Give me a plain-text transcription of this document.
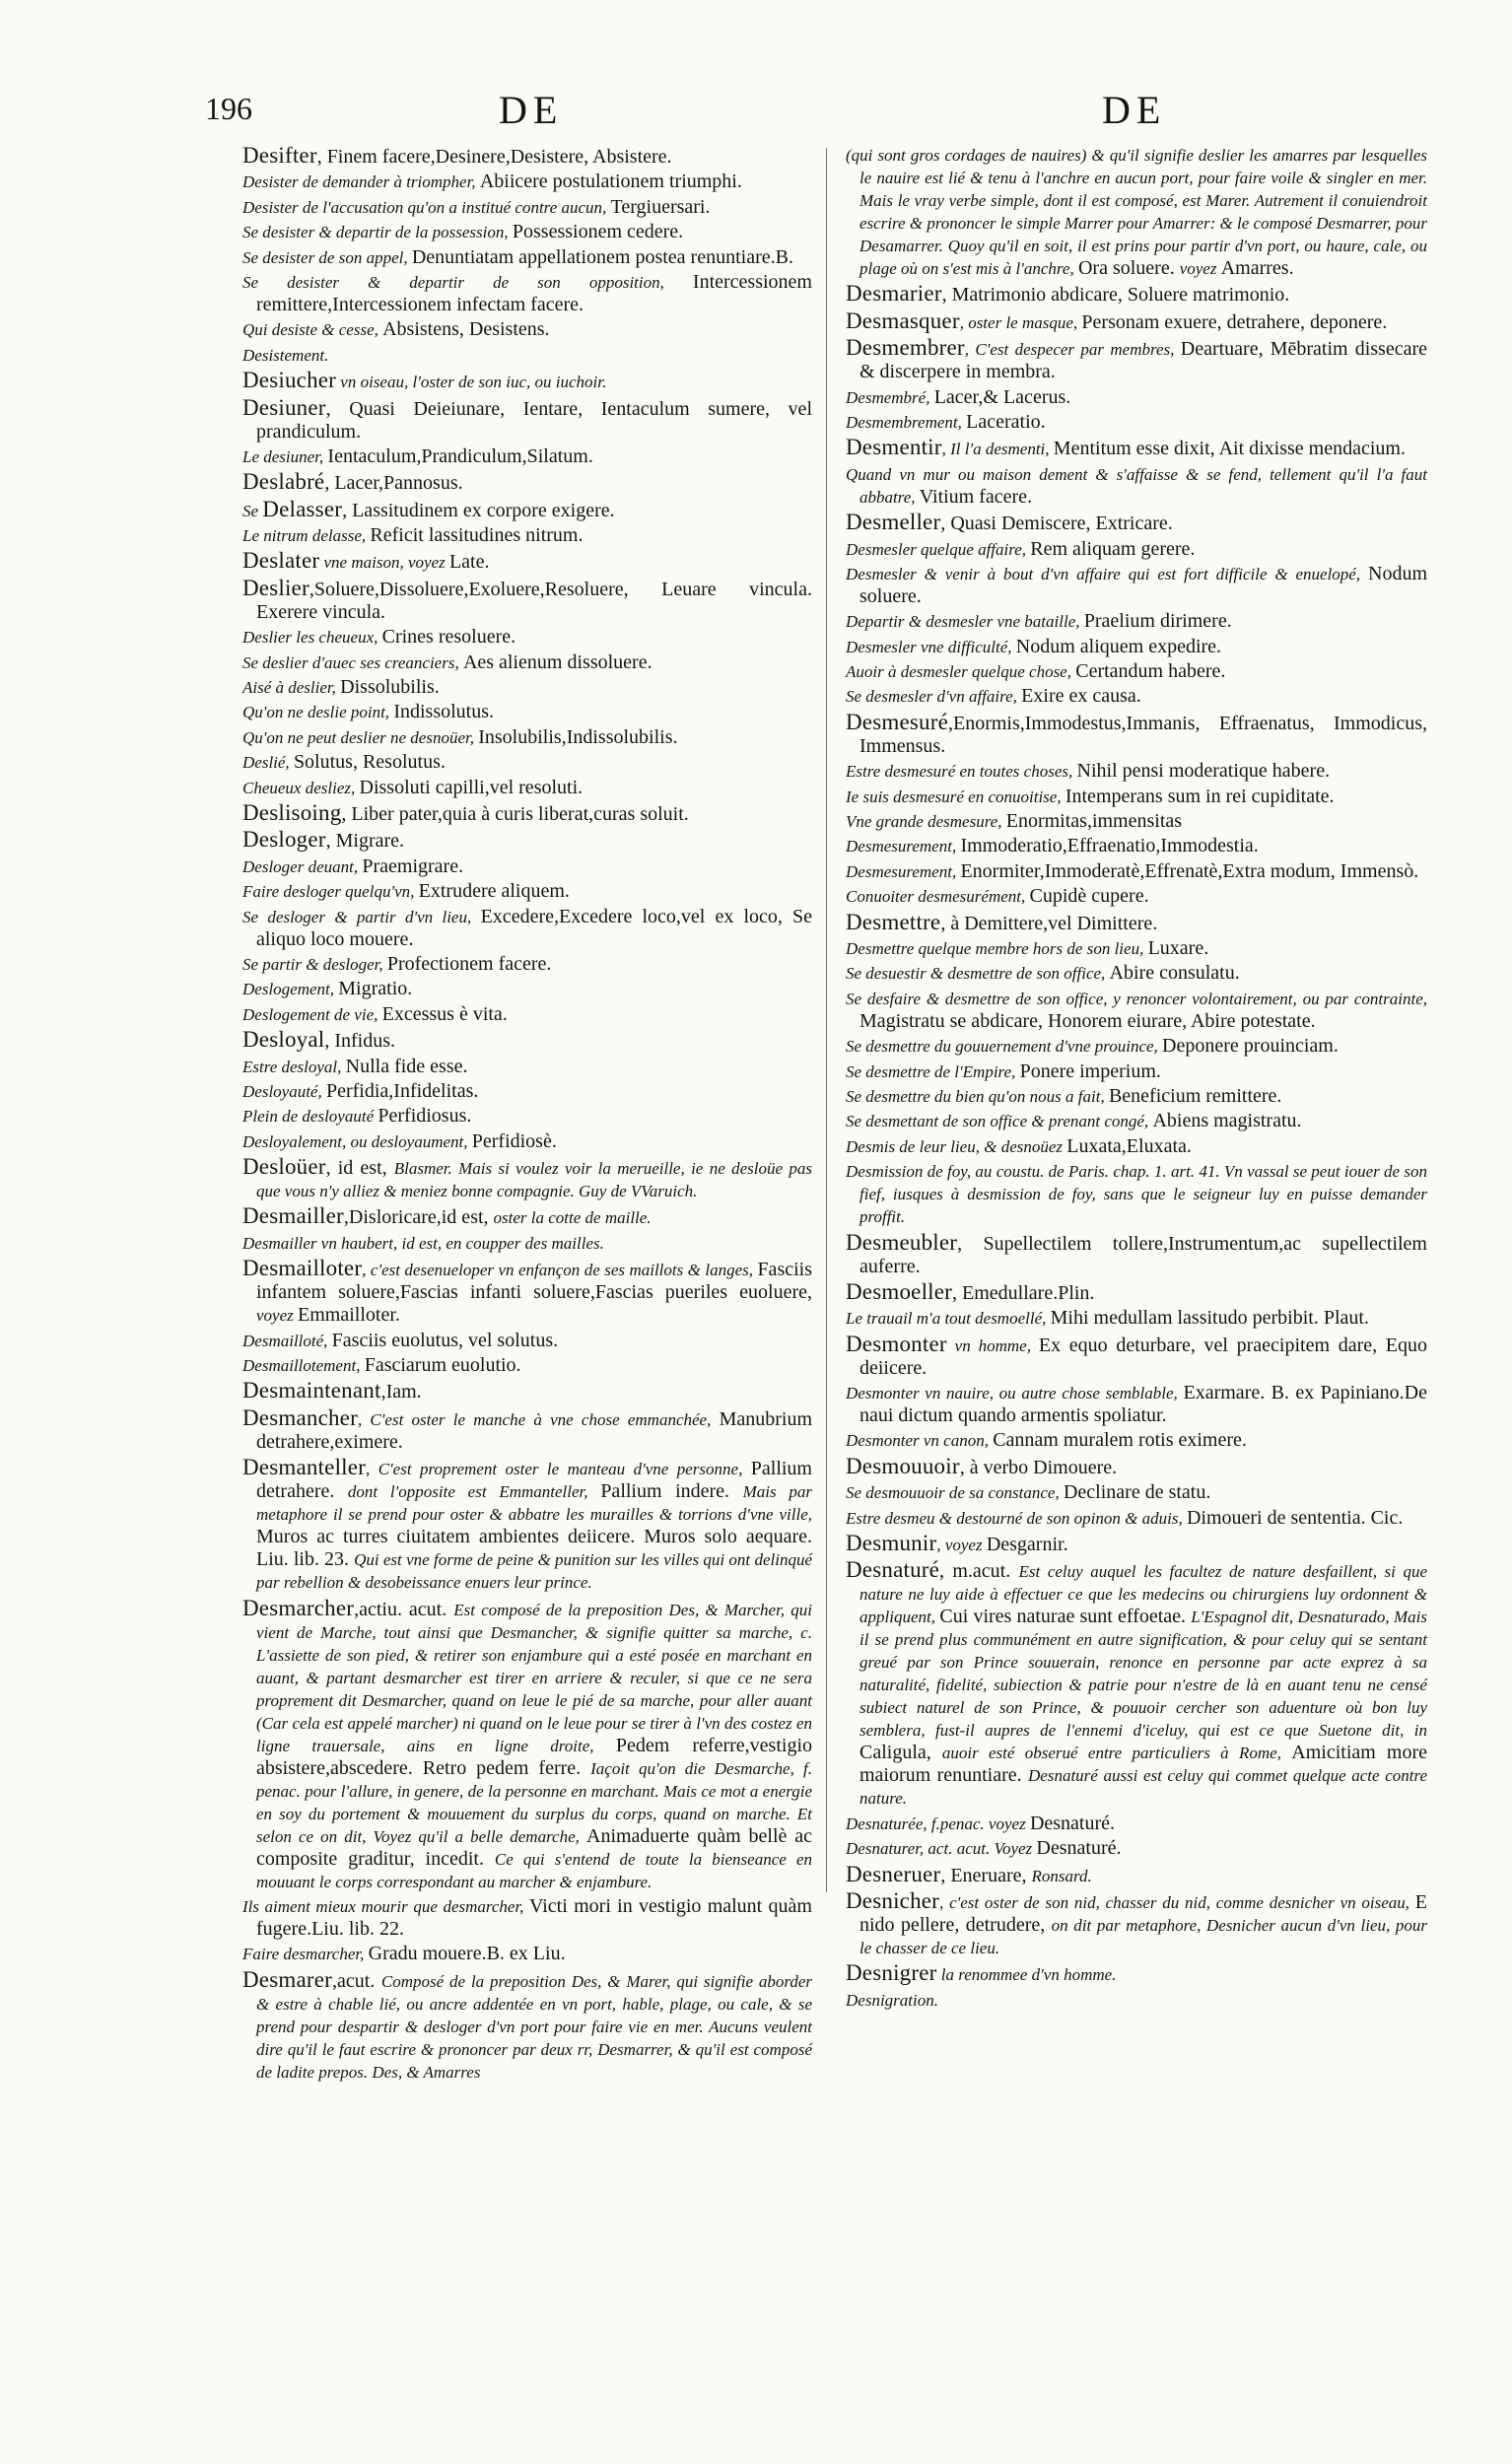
196	DE	DE

Desifter, Finem facere,Desinere,Desistere, Absistere.

Desister de demander à triompher, Abiicere postulationem triumphi.

Desister de l'accusation qu'on a institué contre aucun, Tergiuersari.

Se desister & departir de la possession, Possessionem cedere.

Se desister de son appel, Denuntiatam appellationem postea renuntiare.B.

Se desister & departir de son opposition, Intercessionem remittere,Intercessionem infectam facere.

Qui desiste & cesse, Absistens, Desistens.

Desistement.

Desiucher vn oiseau, l'oster de son iuc, ou iuchoir.

Desiuner, Quasi Deieiunare, Ientare, Ientaculum sumere, vel prandiculum.

Le desiuner, Ientaculum,Prandiculum,Silatum.

Deslabré, Lacer,Pannosus.

Se Delasser, Lassitudinem ex corpore exigere.

Le nitrum delasse, Reficit lassitudines nitrum.

Deslater vne maison, voyez Late.

Deslier,Soluere,Dissoluere,Exoluere,Resoluere, Leuare vincula. Exerere vincula.

Deslier les cheueux, Crines resoluere.

Se deslier d'auec ses creanciers, Aes alienum dissoluere.

Aisé à deslier, Dissolubilis.

Qu'on ne deslie point, Indissolutus.

Qu'on ne peut deslier ne desnoüer, Insolubilis,Indissolubilis.

Deslié, Solutus, Resolutus.

Cheueux desliez, Dissoluti capilli,vel resoluti.

Deslisoing, Liber pater,quia à curis liberat,curas soluit.

Desloger, Migrare.

Desloger deuant, Praemigrare.

Faire desloger quelqu'vn, Extrudere aliquem.

Se desloger & partir d'vn lieu, Excedere,Excedere loco,vel ex loco, Se aliquo loco mouere.

Se partir & desloger, Profectionem facere.

Deslogement, Migratio.

Deslogement de vie, Excessus è vita.

Desloyal, Infidus.

Estre desloyal, Nulla fide esse.

Desloyauté, Perfidia,Infidelitas.

Plein de desloyauté Perfidiosus.

Desloyalement, ou desloyaument, Perfidiosè.

Desloüer, id est, Blasmer. Mais si voulez voir la merueille, ie ne desloüe pas que vous n'y alliez & meniez bonne compagnie. Guy de VVaruich.

Desmailler,Disloricare,id est, oster la cotte de maille.

Desmailler vn haubert, id est, en coupper des mailles.

Desmailloter, c'est desenueloper vn enfançon de ses maillots & langes, Fasciis infantem soluere,Fascias infanti soluere,Fascias pueriles euoluere, voyez Emmailloter.

Desmailloté, Fasciis euolutus, vel solutus.

Desmaillotement, Fasciarum euolutio.

Desmaintenant,Iam.

Desmancher, C'est oster le manche à vne chose emmanchée, Manubrium detrahere,eximere.

Desmanteller, C'est proprement oster le manteau d'vne personne, Pallium detrahere. dont l'opposite est Emmanteller, Pallium indere. Mais par metaphore il se prend pour oster & abbatre les murailles & torrions d'vne ville, Muros ac turres ciuitatem ambientes deiicere. Muros solo aequare. Liu. lib. 23. Qui est vne forme de peine & punition sur les villes qui ont delinqué par rebellion & desobeissance enuers leur prince.

Desmarcher,actiu. acut. Est composé de la preposition Des, & Marcher, qui vient de Marche, tout ainsi que Desmancher, & signifie quitter sa marche, c. L'assiette de son pied, & retirer son enjambure qui a esté posée en marchant en auant, & partant desmarcher est tirer en arriere & reculer, si que ce ne sera proprement dit Desmarcher, quand on leue le pié de sa marche, pour aller auant (Car cela est appelé marcher) ni quand on le leue pour se tirer à l'vn des costez en ligne trauersale, ains en ligne droite, Pedem referre,vestigio absistere,abscedere. Retro pedem ferre. Iaçoit qu'on die Desmarche, f. penac. pour l'allure, in genere, de la personne en marchant. Mais ce mot a energie en soy du portement & mouuement du surplus du corps, quand on marche. Et selon ce on dit, Voyez qu'il a belle demarche, Animaduerte quàm bellè ac composite graditur, incedit. Ce qui s'entend de toute la bienseance en mouuant le corps correspondant au marcher & enjambure.

Ils aiment mieux mourir que desmarcher, Victi mori in vestigio malunt quàm fugere.Liu. lib. 22.

Faire desmarcher, Gradu mouere.B. ex Liu.

Desmarer,acut. Composé de la preposition Des, & Marer, qui signifie aborder & estre à chable lié, ou ancre addentée en vn port, hable, plage, ou cale, & se prend pour despartir & desloger d'vn port pour faire vie en mer. Aucuns veulent dire qu'il le faut escrire & prononcer par deux rr, Desmarrer, & qu'il est composé de ladite prepos. Des, & Amarres

(qui sont gros cordages de nauires) & qu'il signifie deslier les amarres par lesquelles le nauire est lié & tenu à l'anchre en aucun port, pour faire voile & singler en mer. Mais le vray verbe simple, dont il est composé, est Marer. Autrement il conuiendroit escrire & prononcer le simple Marrer pour Amarrer: & le composé Desmarrer, pour Desamarrer. Quoy qu'il en soit, il est prins pour partir d'vn port, ou haure, cale, ou plage où on s'est mis à l'anchre, Ora soluere. voyez Amarres.

Desmarier, Matrimonio abdicare, Soluere matrimonio.

Desmasquer, oster le masque, Personam exuere, detrahere, deponere.

Desmembrer, C'est despecer par membres, Deartuare, Mēbratim dissecare & discerpere in membra.

Desmembré, Lacer,& Lacerus.

Desmembrement, Laceratio.

Desmentir, Il l'a desmenti, Mentitum esse dixit, Ait dixisse mendacium.

Quand vn mur ou maison dement & s'affaisse & se fend, tellement qu'il l'a faut abbatre, Vitium facere.

Desmeller, Quasi Demiscere, Extricare.

Desmesler quelque affaire, Rem aliquam gerere.

Desmesler & venir à bout d'vn affaire qui est fort difficile & enuelopé, Nodum soluere.

Departir & desmesler vne bataille, Praelium dirimere.

Desmesler vne difficulté, Nodum aliquem expedire.

Auoir à desmesler quelque chose, Certandum habere.

Se desmesler d'vn affaire, Exire ex causa.

Desmesuré,Enormis,Immodestus,Immanis, Effraenatus, Immodicus, Immensus.

Estre desmesuré en toutes choses, Nihil pensi moderatique habere.

Ie suis desmesuré en conuoitise, Intemperans sum in rei cupiditate.

Vne grande desmesure, Enormitas,immensitas

Desmesurement, Immoderatio,Effraenatio,Immodestia.

Desmesurement, Enormiter,Immoderatè,Effrenatè,Extra modum, Immensò.

Conuoiter desmesurément, Cupidè cupere.

Desmettre, à Demittere,vel Dimittere.

Desmettre quelque membre hors de son lieu, Luxare.

Se desuestir & desmettre de son office, Abire consulatu.

Se desfaire & desmettre de son office, y renoncer volontairement, ou par contrainte, Magistratu se abdicare, Honorem eiurare, Abire potestate.

Se desmettre du gouuernement d'vne prouince, Deponere prouinciam.

Se desmettre de l'Empire, Ponere imperium.

Se desmettre du bien qu'on nous a fait, Beneficium remittere.

Se desmettant de son office & prenant congé, Abiens magistratu.

Desmis de leur lieu, & desnoüez Luxata,Eluxata.

Desmission de foy, au coustu. de Paris. chap. 1. art. 41. Vn vassal se peut iouer de son fief, iusques à desmission de foy, sans que le seigneur luy en puisse demander proffit.

Desmeubler, Supellectilem tollere,Instrumentum,ac supellectilem auferre.

Desmoeller, Emedullare.Plin.

Le trauail m'a tout desmoellé, Mihi medullam lassitudo perbibit. Plaut.

Desmonter vn homme, Ex equo deturbare, vel praecipitem dare, Equo deiicere.

Desmonter vn nauire, ou autre chose semblable, Exarmare. B. ex Papiniano.De naui dictum quando armentis spoliatur.

Desmonter vn canon, Cannam muralem rotis eximere.

Desmouuoir, à verbo Dimouere.

Se desmouuoir de sa constance, Declinare de statu.

Estre desmeu & destourné de son opinon & aduis, Dimoueri de sententia. Cic.

Desmunir, voyez Desgarnir.

Desnaturé, m.acut. Est celuy auquel les facultez de nature desfaillent, si que nature ne luy aide à effectuer ce que les medecins ou chirurgiens luy ordonnent & appliquent, Cui vires naturae sunt effoetae. L'Espagnol dit, Desnaturado, Mais il se prend plus communément en autre signification, & pour celuy qui se sentant greué par son Prince souuerain, renonce en personne par acte exprez à sa naturalité, fidelité, subiection & patrie pour n'estre de là en auant tenu ne censé subiect naturel de son Prince, & pouuoir cercher son aduenture où bon luy semblera, fust-il aupres de l'ennemi d'iceluy, qui est ce que Suetone dit, in Caligula, auoir esté obserué entre particuliers à Rome, Amicitiam more maiorum renuntiare. Desnaturé aussi est celuy qui commet quelque acte contre nature.

Desnaturée, f.penac. voyez Desnaturé.

Desnaturer, act. acut. Voyez Desnaturé.

Desneruer, Eneruare, Ronsard.

Desnicher, c'est oster de son nid, chasser du nid, comme desnicher vn oiseau, E nido pellere, detrudere, on dit par metaphore, Desnicher aucun d'vn lieu, pour le chasser de ce lieu.

Desnigrer la renommee d'vn homme.

Desnigration.
